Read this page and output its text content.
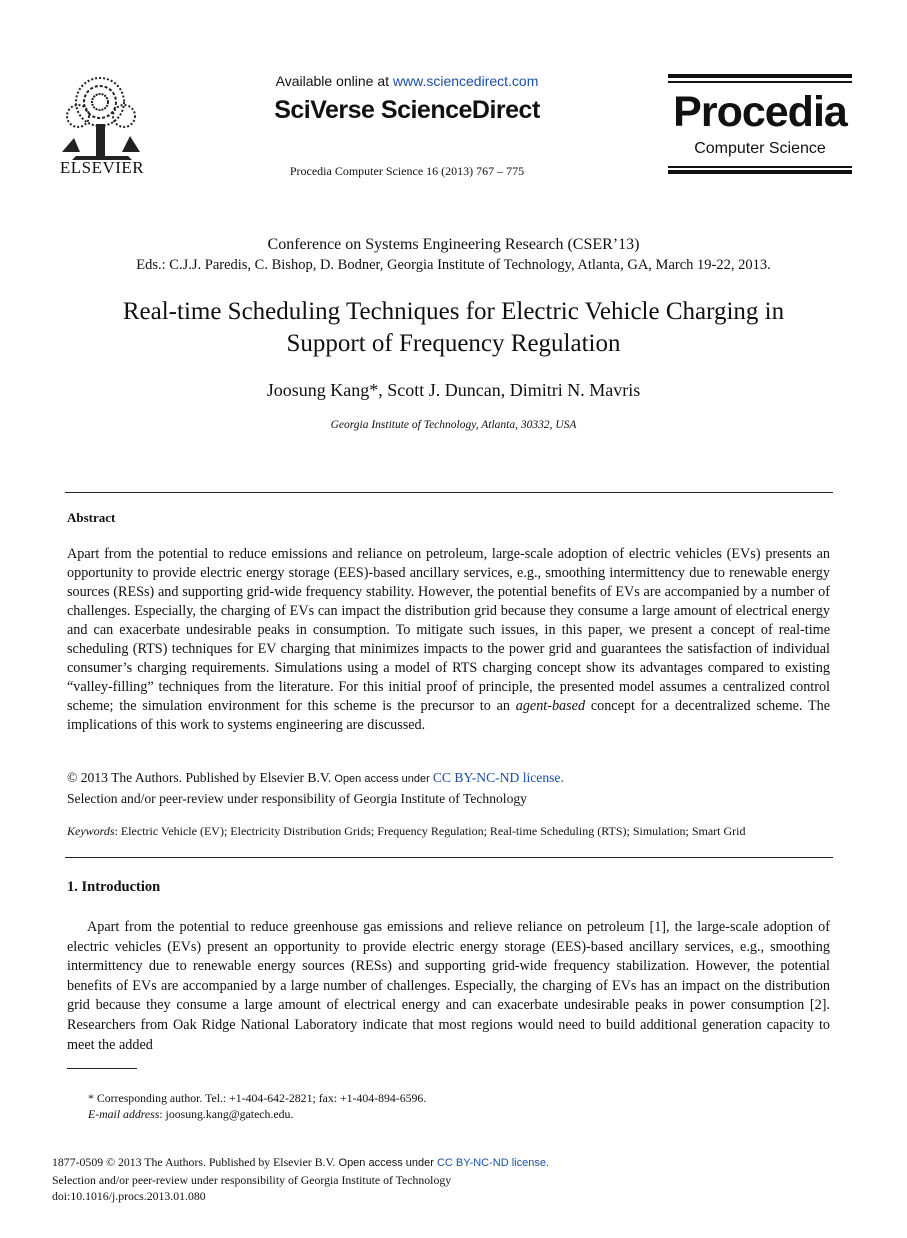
ELSEVIER
Available online at www.sciencedirect.com
SciVerse ScienceDirect
Procedia Computer Science 16 (2013) 767 – 775
Procedia
Computer Science
Conference on Systems Engineering Research (CSER’13)
Eds.: C.J.J. Paredis, C. Bishop, D. Bodner, Georgia Institute of Technology, Atlanta, GA, March 19-22, 2013.
Real-time Scheduling Techniques for Electric Vehicle Charging in
Support of Frequency Regulation
Joosung Kang*, Scott J. Duncan, Dimitri N. Mavris
Georgia Institute of Technology, Atlanta, 30332, USA
Abstract
Apart from the potential to reduce emissions and reliance on petroleum, large-scale adoption of electric vehicles (EVs) presents an opportunity to provide electric energy storage (EES)-based ancillary services, e.g., smoothing intermittency due to renewable energy sources (RESs) and supporting grid-wide frequency stability. However, the potential benefits of EVs are accompanied by a number of challenges. Especially, the charging of EVs can impact the distribution grid because they consume a large amount of electrical energy and can exacerbate undesirable peaks in consumption. To mitigate such issues, in this paper, we present a concept of real-time scheduling (RTS) techniques for EV charging that minimizes impacts to the power grid and guarantees the satisfaction of individual consumer’s charging requirements. Simulations using a model of RTS charging concept show its advantages compared to existing “valley-filling” techniques from the literature. For this initial proof of principle, the presented model assumes a centralized control scheme; the simulation environment for this scheme is the precursor to an agent-based concept for a decentralized scheme. The implications of this work to systems engineering are discussed.
© 2013 The Authors. Published by Elsevier B.V. Open access under CC BY-NC-ND license.
Selection and/or peer-review under responsibility of Georgia Institute of Technology
Keywords: Electric Vehicle (EV); Electricity Distribution Grids; Frequency Regulation; Real-time Scheduling (RTS); Simulation; Smart Grid
1. Introduction
Apart from the potential to reduce greenhouse gas emissions and relieve reliance on petroleum [1], the large-scale adoption of electric vehicles (EVs) present an opportunity to provide electric energy storage (EES)-based ancillary services, e.g., smoothing intermittency due to renewable energy sources (RESs) and supporting grid-wide frequency stabilization. However, the potential benefits of EVs are accompanied by a large number of challenges. Especially, the charging of EVs has an impact on the distribution grid because they consume a large amount of electrical energy and can exacerbate undesirable peaks in power consumption [2]. Researchers from Oak Ridge National Laboratory indicate that most regions would need to build additional generation capacity to meet the added
* Corresponding author. Tel.: +1-404-642-2821; fax: +1-404-894-6596.
E-mail address: joosung.kang@gatech.edu.
1877-0509 © 2013 The Authors. Published by Elsevier B.V. Open access under CC BY-NC-ND license.
Selection and/or peer-review under responsibility of Georgia Institute of Technology
doi:10.1016/j.procs.2013.01.080
